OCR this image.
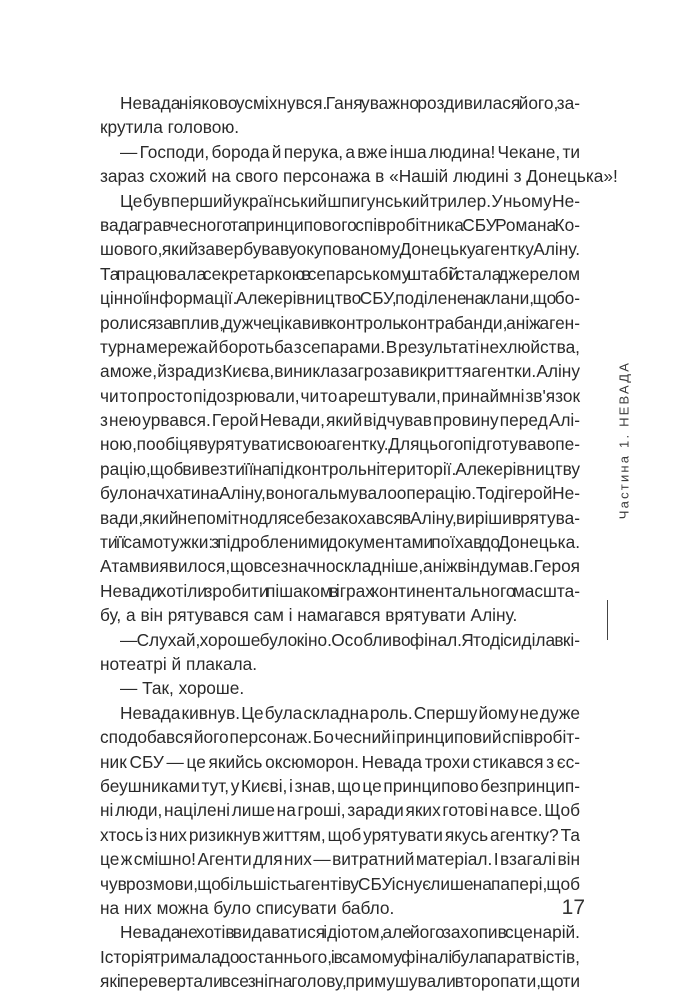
Невада ніяково усміхнувся. Ганя уважно роздивилася його, за-
крутила головою.
— Господи, борода й перука, а вже інша людина! Чекане, ти
зараз схожий на свого персонажа в «Нашій людині з Донецька»!
Це був перший український шпигунський трилер. У ньому Не-
вада грав чесного та принципового співробітника СБУ Романа Ко-
шового, який завербував у окупованому Донецьку агентку Аліну.
Та працювала секретаркою в сепарському штабі й стала джерелом
цінної інформації. Але керівництво СБУ, поділене на клани, що бо-
ролися за вплив, дужче цікавив контроль контрабанди, аніж аген-
турна мережа й боротьба з сепарами. В результаті нехлюйства,
а може, й зради з Києва, виникла загроза викриття агентки. Аліну
чи то просто підозрювали, чи то арештували, принаймні зв'язок
з нею урвався. Герой Невади, який відчував провину перед Алі-
ною, пообіцяв урятувати свою агентку. Для цього підготував опе-
рацію, щоб вивезти її на підконтрольні території. Але керівництву
було начхати на Аліну, воно гальмувало операцію. Тоді герой Не-
вади, який непомітно для себе закохався в Аліну, вирішив рятува-
ти її самотужки: з підробленими документами поїхав до Донецька.
А там виявилося, що все значно складніше, аніж він думав. Героя
Невади хотіли зробити пішаком в іграх континентального масшта-
бу, а він рятувався сам і намагався врятувати Аліну.
— Слухай, хороше було кіно. Особливо фінал. Я тоді сиділа в кі-
нотеатрі й плакала.
— Так, хороше.
Невада кивнув. Це була складна роль. Спершу йому не дуже
сподобався його персонаж. Бо чесний і принциповий співробіт-
ник СБУ — це якийсь оксюморон. Невада трохи стикався з єс-
беушниками тут, у Києві, і знав, що це принципово безпринцип-
ні люди, націлені лише на гроші, заради яких готові на все. Щоб
хтось із них ризикнув життям, щоб урятувати якусь агентку? Та
це ж смішно! Агенти для них — витратний матеріал. І взагалі він
чув розмови, що більшість агентів у СБУ існує лише на папері, щоб
на них можна було списувати бабло.
Невада не хотів видаватися ідіотом, але його захопив сценарій.
Історія тримала до останнього, і в самому фіналі була пара твістів,
які перевертали все з ніг на голову, примушували второпати, що ти
Частина 1. НЕВАДА
17
